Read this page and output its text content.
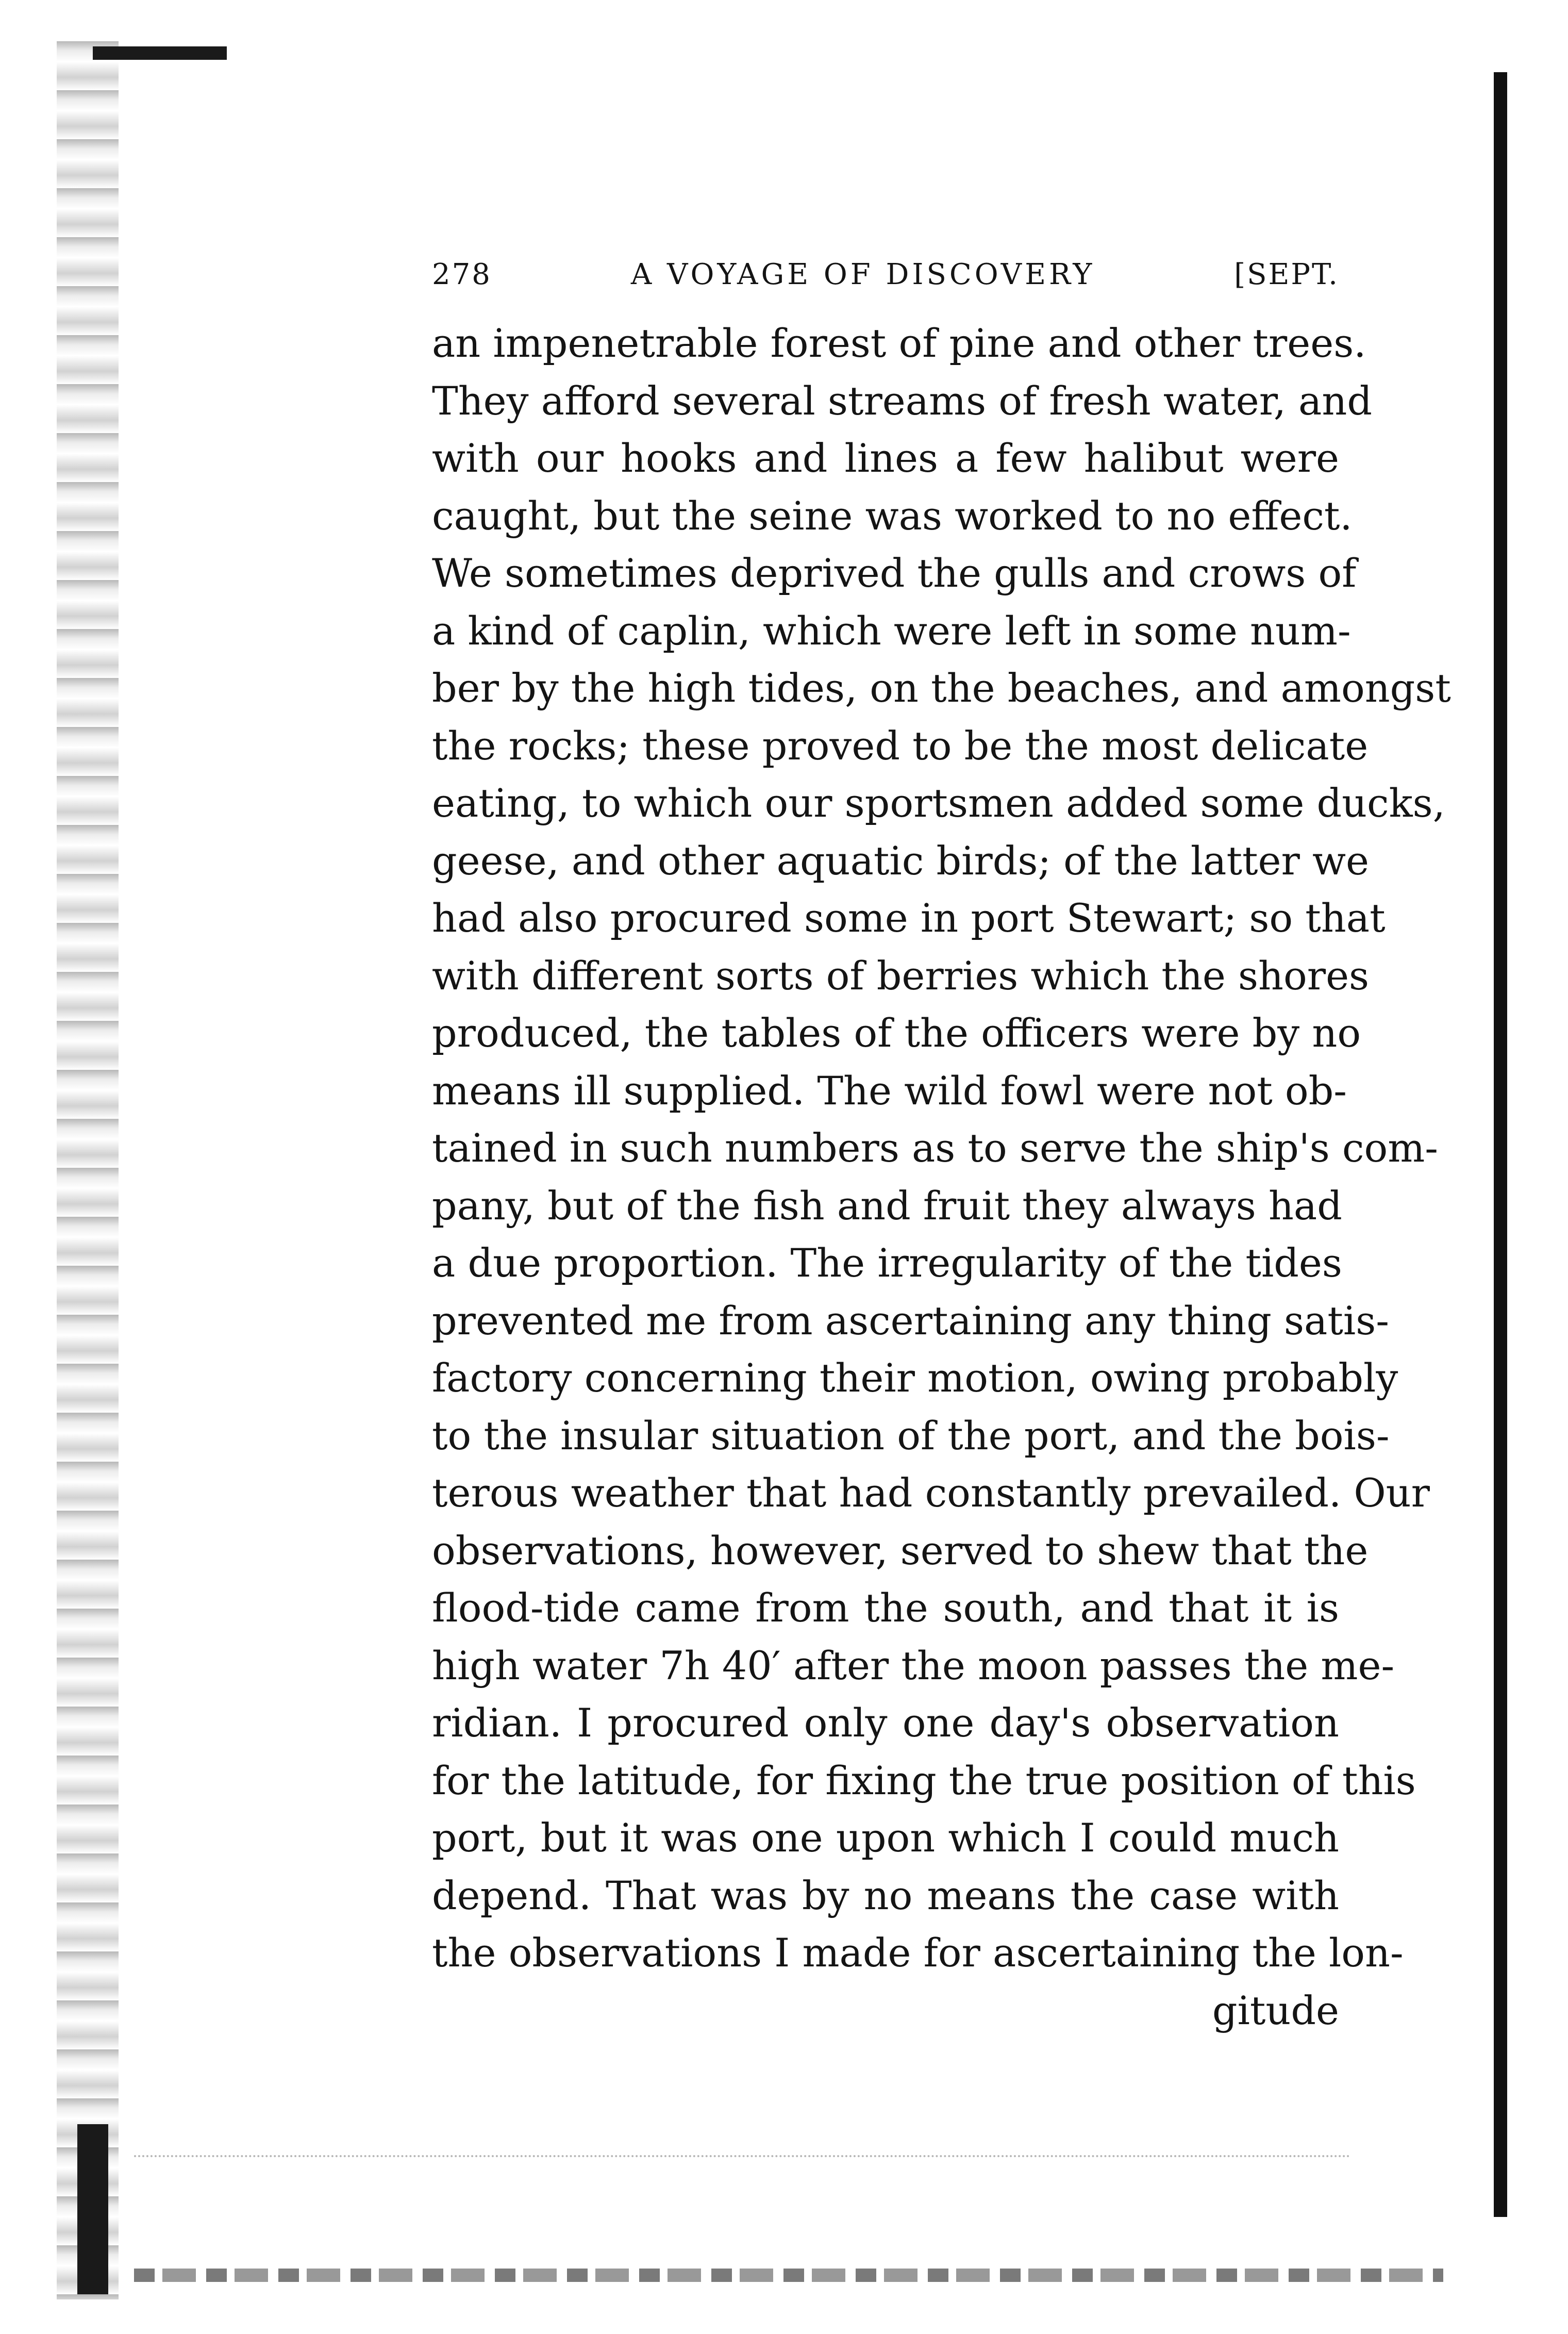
278	A VOYAGE OF DISCOVERY	[SEPT.
an impenetrable forest of pine and other trees.
They afford several streams of fresh water, and
with our hooks and lines a few halibut were
caught, but the seine was worked to no effect.
We sometimes deprived the gulls and crows of
a kind of caplin, which were left in some num-
ber by the high tides, on the beaches, and amongst
the rocks; these proved to be the most delicate
eating, to which our sportsmen added some ducks,
geese, and other aquatic birds; of the latter we
had also procured some in port Stewart; so that
with different sorts of berries which the shores
produced, the tables of the officers were by no
means ill supplied. The wild fowl were not ob-
tained in such numbers as to serve the ship's com-
pany, but of the fish and fruit they always had
a due proportion. The irregularity of the tides
prevented me from ascertaining any thing satis-
factory concerning their motion, owing probably
to the insular situation of the port, and the bois-
terous weather that had constantly prevailed. Our
observations, however, served to shew that the
flood-tide came from the south, and that it is
high water 7h 40′ after the moon passes the me-
ridian. I procured only one day's observation
for the latitude, for fixing the true position of this
port, but it was one upon which I could much
depend. That was by no means the case with
the observations I made for ascertaining the lon-
gitude
